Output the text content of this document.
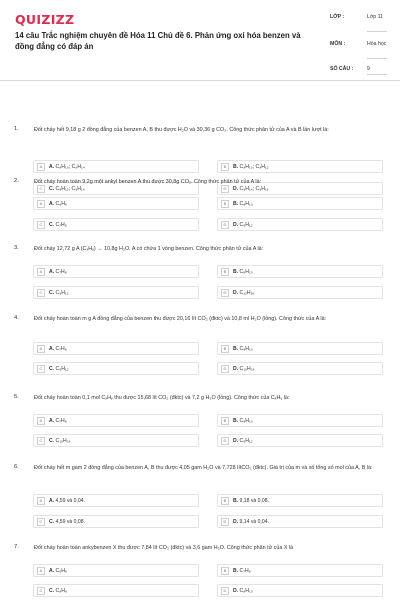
QUIZIZZ
14 câu Trắc nghiệm chuyên đề Hóa 11 Chủ đề 6. Phản ứng oxi hóa benzen và đồng đẳng có đáp án
LỚP :	Lớp 11
MÔN :	Hóa học
SỐ CÂU :	9
1.	Đốt cháy hết 9,18 g 2 đồng đẳng của benzen A, B thu được H₂O và 30,36 g CO₂. Công thức phân tử của A và B lần lượt là:
A	A. C₈H₁₀; C₉H₁₄	B	B. C₉H₁₀; C₉H₁₂
C	C. C₈H₁₂; C₉H₁₄	D	D. C₉H₁₄; C₉H₁₆
2.	Đốt cháy hoàn toàn 9,2g một ankyl benzen A thu được 30,8g CO₂. Công thức phân tử của A là:
A	A. C₆H₆	B	B. C₈H₁₀
C	C. C₇H₈	D	D. C₉H₁₂
3.	Đốt cháy 12,72 g A (CₓHᵧ) → 10,8g H₂O. A có chứa 1 vòng benzen. Công thức phân tử của A là:
A	A. C₇H₈	B	B. C₈H₁₀
C	C. C₉H₁₂	D	D. C₁₂H₁₆
4.	Đốt cháy hoàn toàn m g A đồng đẳng của benzen thu được 20,16 lít CO₂ (đktc) và 10,8 ml H₂O (lỏng). Công thức của A là:
A	A. C₇H₈	B	B. C₈H₁₀
C	C. C₉H₁₂	D	D. C₁₀H₁₄
5.	Đốt cháy hoàn toàn 0,1 mol CₓHᵧ thu được 15,68 lít CO₂ (đktc) và 7,2 g H₂O (lỏng). Công thức của CₓHᵧ là:
A	A. C₇H₈	B	B. C₈H₁₀
C	C. C₁₀H₁₄	D	D. C₉H₁₂
6.	Đốt cháy hết m gam 2 đồng đẳng của benzen A, B thu được 4,05 gam H₂O và 7,728 lítCO₂ (đktc). Giá trị của m và số tổng số mol của A, B là:
A	A. 4,59 và 0,04.	B	B. 9,18 và 0,08.
C	C. 4,59 và 0,08.	D	D. 9,14 và 0,04.
7.	Đốt cháy hoàn toàn ankybenzen X thu được 7,84 lít CO₂ (đktc) và 3,6 gam H₂O. Công thức phân tử của X là
A	A. C₆H₆	B	B. C₇H₈
C	C. C₈H₈	D	D. C₈H₁₀
